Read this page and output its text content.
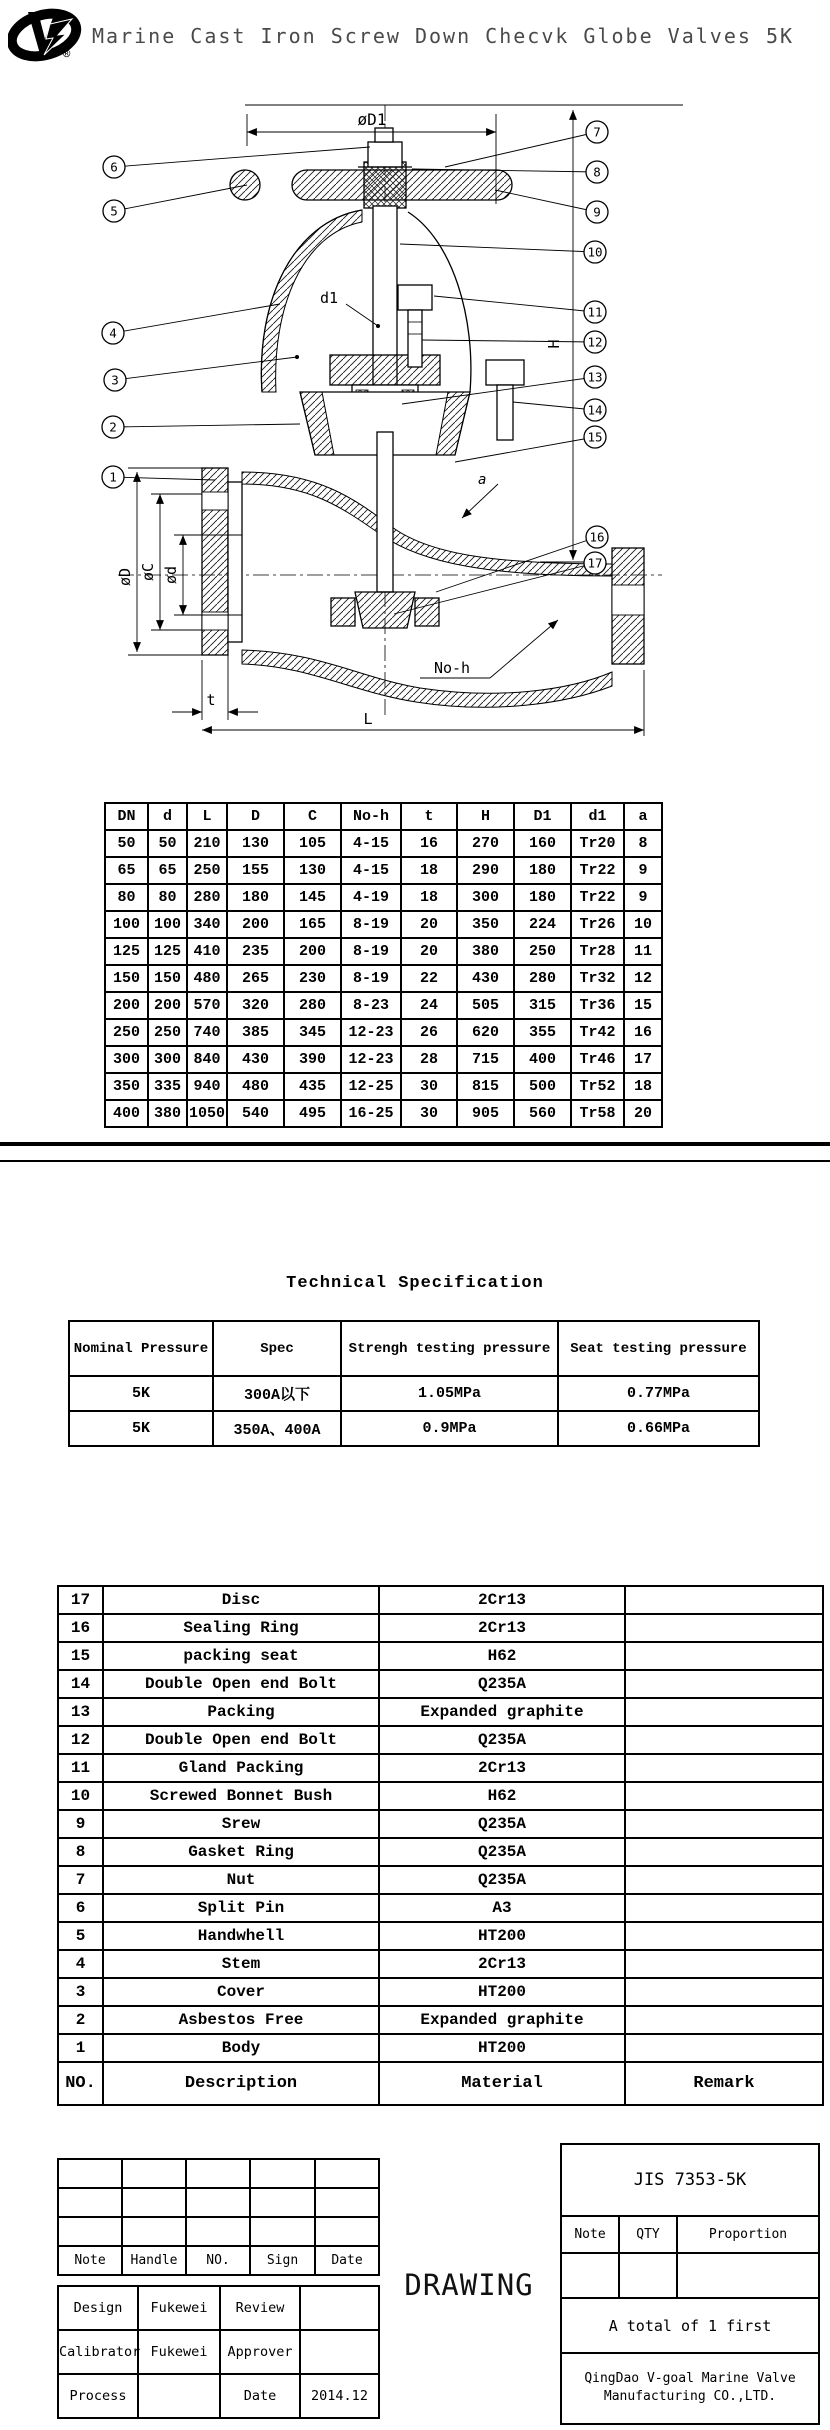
®
Marine Cast Iron Screw Down Checvk Globe Valves 5K
øD1
H
d1
øD øC ød
a
No-h
t
L
1
2
3
4
5
6
7
8
9
10
11
12
13
14
15
16
17
DN	d	L	D	C	No-h	t	H	D1	d1	a
50	50	210	130	105	4-15	16	270	160	Tr20	8
65	65	250	155	130	4-15	18	290	180	Tr22	9
80	80	280	180	145	4-19	18	300	180	Tr22	9
100	100	340	200	165	8-19	20	350	224	Tr26	10
125	125	410	235	200	8-19	20	380	250	Tr28	11
150	150	480	265	230	8-19	22	430	280	Tr32	12
200	200	570	320	280	8-23	24	505	315	Tr36	15
250	250	740	385	345	12-23	26	620	355	Tr42	16
300	300	840	430	390	12-23	28	715	400	Tr46	17
350	335	940	480	435	12-25	30	815	500	Tr52	18
400	380	1050	540	495	16-25	30	905	560	Tr58	20
Technical Specification
Nominal Pressure	Spec	Strengh testing pressure	Seat testing pressure
5K	300A以下	1.05MPa	0.77MPa
5K	350A、400A	0.9MPa	0.66MPa
17	Disc	2Cr13	
16	Sealing Ring	2Cr13	
15	packing seat	H62	
14	Double Open end Bolt	Q235A	
13	Packing	Expanded graphite	
12	Double Open end Bolt	Q235A	
11	Gland Packing	2Cr13	
10	Screwed Bonnet Bush	H62	
9	Srew	Q235A	
8	Gasket Ring	Q235A	
7	Nut	Q235A	
6	Split Pin	A3	
5	Handwhell	HT200	
4	Stem	2Cr13	
3	Cover	HT200	
2	Asbestos Free	Expanded graphite	
1	Body	HT200	
NO.	Description	Material	Remark

Note	Handle	NO.	Sign	Date
Design	Fukewei	Review	
Calibrator	Fukewei	Approver	
Process		Date	2014.12
DRAWING
JIS 7353-5K
Note	QTY	Proportion
A total of 1 first
QingDao V-goal Marine Valve
Manufacturing CO.,LTD.
